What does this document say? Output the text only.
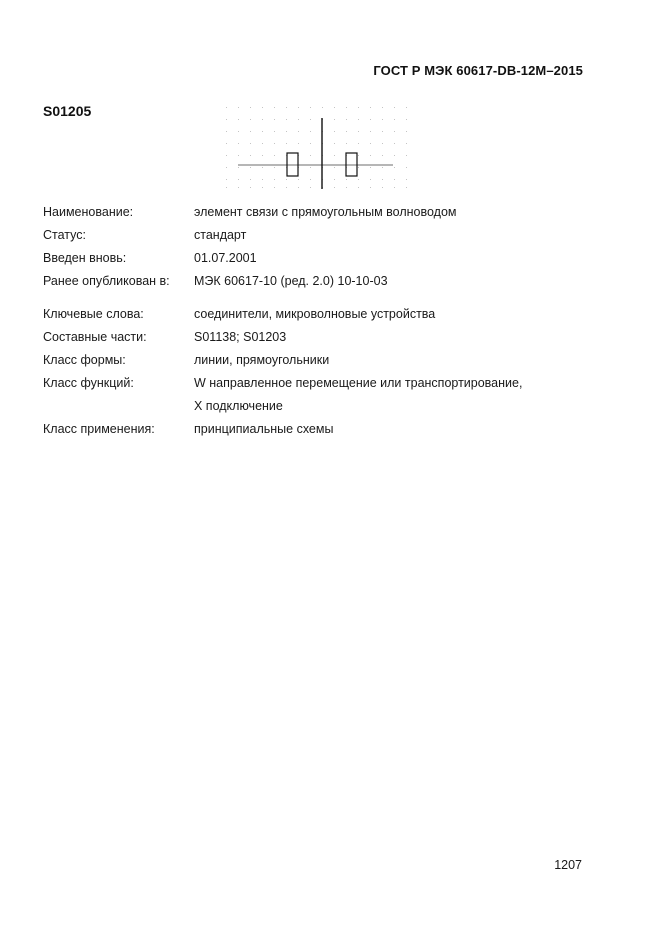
ГОСТ Р МЭК 60617-DB-12M–2015
S01205
Наименование:	элемент связи с прямоугольным волноводом
Статус:	стандарт
Введен вновь:	01.07.2001
Ранее опубликован в:	МЭК 60617-10 (ред. 2.0) 10-10-03
Ключевые слова:	соединители, микроволновые устройства
Составные части:	S01138; S01203
Класс формы:	линии, прямоугольники
Класс функций:	W направленное перемещение или транспортирование,
X подключение
Класс применения:	принципиальные схемы
1207
